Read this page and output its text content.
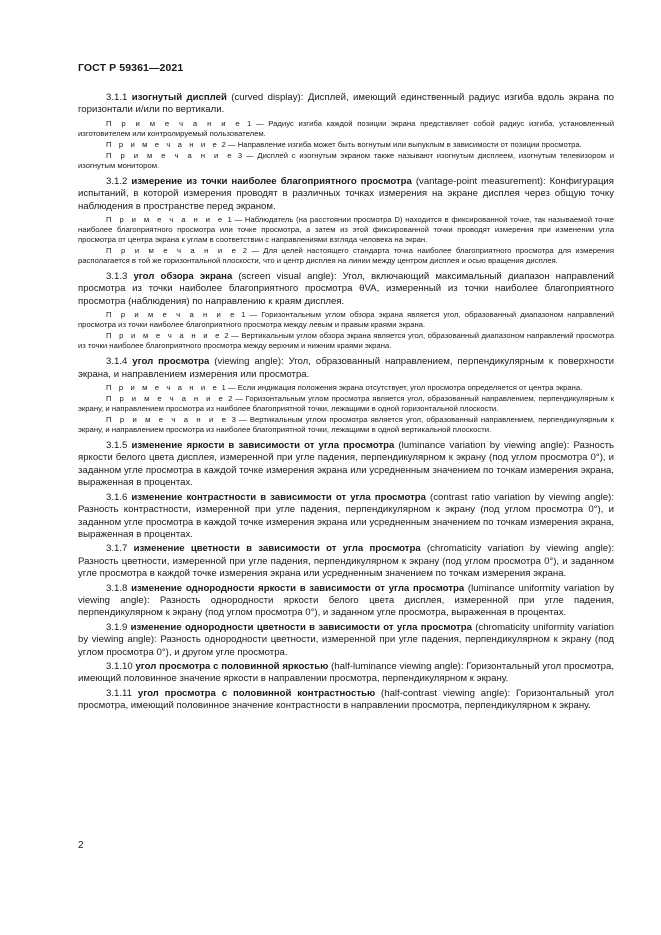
ГОСТ Р 59361—2021

3.1.1 изогнутый дисплей (curved display): Дисплей, имеющий единственный радиус изгиба вдоль экрана по горизонтали и/или по вертикали.

П р и м е ч а н и е 1 — Радиус изгиба каждой позиции экрана представляет собой радиус изгиба, установленный изготовителем или контролируемый пользователем.

П р и м е ч а н и е 2 — Направление изгиба может быть вогнутым или выпуклым в зависимости от позиции просмотра.

П р и м е ч а н и е 3 — Дисплей с изогнутым экраном также называют изогнутым дисплеем, изогнутым телевизором и изогнутым монитором.

3.1.2 измерение из точки наиболее благоприятного просмотра (vantage-point measurement): Конфигурация испытаний, в которой измерения проводят в различных точках измерения на экране дисплея через общую точку наблюдения в пространстве перед экраном.

П р и м е ч а н и е 1 — Наблюдатель (на расстоянии просмотра D) находится в фиксированной точке, так называемой точке наиболее благоприятного просмотра или точке просмотра, а затем из этой фиксированной точки проводят измерения при изменении угла просмотра от центра экрана к углам в соответствии с направлениями взгляда человека на экран.

П р и м е ч а н и е 2 — Для целей настоящего стандарта точка наиболее благоприятного просмотра для измерения располагается в той же горизонтальной плоскости, что и центр дисплея на линии между центром дисплея и осью вращения дисплея.

3.1.3 угол обзора экрана (screen visual angle): Угол, включающий максимальный диапазон направлений просмотра из точки наиболее благоприятного просмотра θVA, измеренный из точки наиболее благоприятного просмотра (наблюдения) по направлению к краям дисплея.

П р и м е ч а н и е 1 — Горизонтальным углом обзора экрана является угол, образованный диапазоном направлений просмотра из точки наиболее благоприятного просмотра между левым и правым краями экрана.

П р и м е ч а н и е 2 — Вертикальным углом обзора экрана является угол, образованный диапазоном направлений просмотра из точки наиболее благоприятного просмотра между верхним и нижним краями экрана.

3.1.4 угол просмотра (viewing angle): Угол, образованный направлением, перпендикулярным к поверхности экрана, и направлением измерения или просмотра.

П р и м е ч а н и е 1 — Если индикация положения экрана отсутствует, угол просмотра определяется от центра экрана.

П р и м е ч а н и е 2 — Горизонтальным углом просмотра является угол, образованный направлением, перпендикулярным к экрану, и направлением просмотра из наиболее благоприятной точки, лежащими в одной горизонтальной плоскости.

П р и м е ч а н и е 3 — Вертикальным углом просмотра является угол, образованный направлением, перпендикулярным к экрану, и направлением просмотра из наиболее благоприятной точки, лежащими в одной вертикальной плоскости.

3.1.5 изменение яркости в зависимости от угла просмотра (luminance variation by viewing angle): Разность яркости белого цвета дисплея, измеренной при угле падения, перпендикулярном к экрану (под углом просмотра 0°), и заданном угле просмотра в каждой точке измерения экрана или усредненным значением по точкам измерения экрана, выраженная в процентах.

3.1.6 изменение контрастности в зависимости от угла просмотра (contrast ratio variation by viewing angle): Разность контрастности, измеренной при угле падения, перпендикулярном к экрану (под углом просмотра 0°), и заданном угле просмотра в каждой точке измерения экрана или усредненным значением по точкам измерения экрана, выраженная в процентах.

3.1.7 изменение цветности в зависимости от угла просмотра (chromaticity variation by viewing angle): Разность цветности, измеренной при угле падения, перпендикулярном к экрану (под углом просмотра 0°), и заданном угле просмотра в каждой точке измерения экрана или усредненным значением по точкам измерения экрана.

3.1.8 изменение однородности яркости в зависимости от угла просмотра (luminance uniformity variation by viewing angle): Разность однородности яркости белого цвета дисплея, измеренной при угле падения, перпендикулярном к экрану (под углом просмотра 0°), и заданном угле просмотра, выраженная в процентах.

3.1.9 изменение однородности цветности в зависимости от угла просмотра (chromaticity uniformity variation by viewing angle): Разность однородности цветности, измеренной при угле падения, перпендикулярном к экрану (под углом просмотра 0°), и другом угле просмотра.

3.1.10 угол просмотра с половинной яркостью (half-luminance viewing angle): Горизонтальный угол просмотра, имеющий половинное значение яркости в направлении просмотра, перпендикулярном к экрану.

3.1.11 угол просмотра с половинной контрастностью (half-contrast viewing angle): Горизонтальный угол просмотра, имеющий половинное значение контрастности в направлении просмотра, перпендикулярном к экрану.

2
